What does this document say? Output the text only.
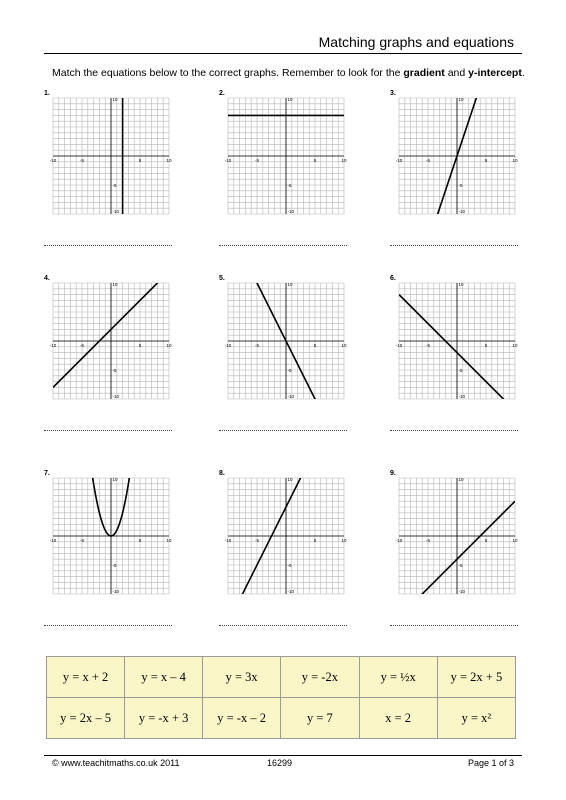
Matching graphs and equations
Match the equations below to the correct graphs. Remember to look for the gradient and y-intercept.
-10	-5	5	10
10
-5
-10
1.
-10	-5	5	10
10
-5
-10
2.
-10	-5	5	10
10
-5
-10
3.
-10	-5	5	10
10
-5
-10
4.
-10	-5	5	10
10
-5
-10
5.
-10	-5	5	10
10
-5
-10
6.
-10	-5	5	10
10
-5
-10
7.
-10	-5	5	10
10
-5
-10
8.
-10	-5	5	10
10
-5
-10
9.
y = x + 2	y = x – 4	y = 3x	y = -2x	y = ½x	y = 2x + 5
y = 2x – 5	y = -x + 3	y = -x – 2	y = 7	x = 2	y = x²
© www.teachitmaths.co.uk 2011	16299	Page 1 of 3
